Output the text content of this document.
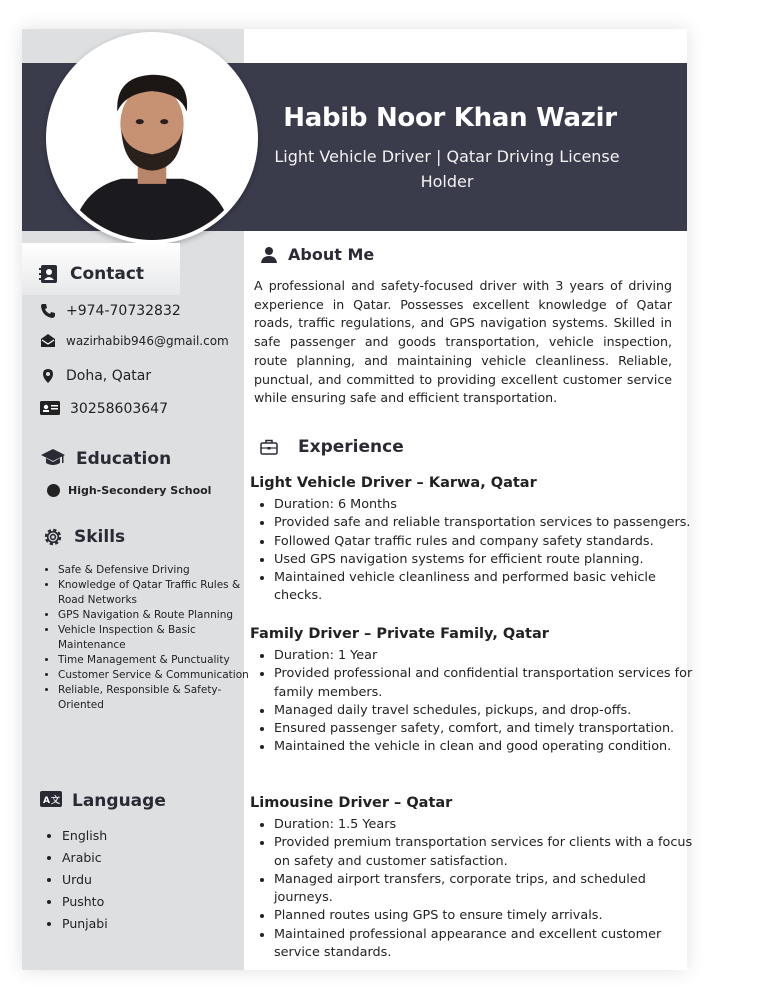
Habib Noor Khan Wazir
Light Vehicle Driver | Qatar Driving License Holder
Contact
+974-70732832
wazirhabib946@gmail.com
Doha, Qatar
30258603647
Education
High-Secondery School
Skills
• Safe & Defensive Driving
• Knowledge of Qatar Traffic Rules & Road Networks
• GPS Navigation & Route Planning
• Vehicle Inspection & Basic Maintenance
• Time Management & Punctuality
• Customer Service & Communication
• Reliable, Responsible & Safety-Oriented
A 文 Language
• English
• Arabic
• Urdu
• Pushto
• Punjabi
About Me
A professional and safety-focused driver with 3 years of driving experience in Qatar. Possesses excellent knowledge of Qatar roads, traffic regulations, and GPS navigation systems. Skilled in safe passenger and goods transportation, vehicle inspection, route planning, and maintaining vehicle cleanliness. Reliable, punctual, and committed to providing excellent customer service while ensuring safe and efficient transportation.
Experience
Light Vehicle Driver – Karwa, Qatar
• Duration: 6 Months
• Provided safe and reliable transportation services to passengers.
• Followed Qatar traffic rules and company safety standards.
• Used GPS navigation systems for efficient route planning.
• Maintained vehicle cleanliness and performed basic vehicle checks.
Family Driver – Private Family, Qatar
• Duration: 1 Year
• Provided professional and confidential transportation services for family members.
• Managed daily travel schedules, pickups, and drop-offs.
• Ensured passenger safety, comfort, and timely transportation.
• Maintained the vehicle in clean and good operating condition.
Limousine Driver – Qatar
• Duration: 1.5 Years
• Provided premium transportation services for clients with a focus on safety and customer satisfaction.
• Managed airport transfers, corporate trips, and scheduled journeys.
• Planned routes using GPS to ensure timely arrivals.
• Maintained professional appearance and excellent customer service standards.
